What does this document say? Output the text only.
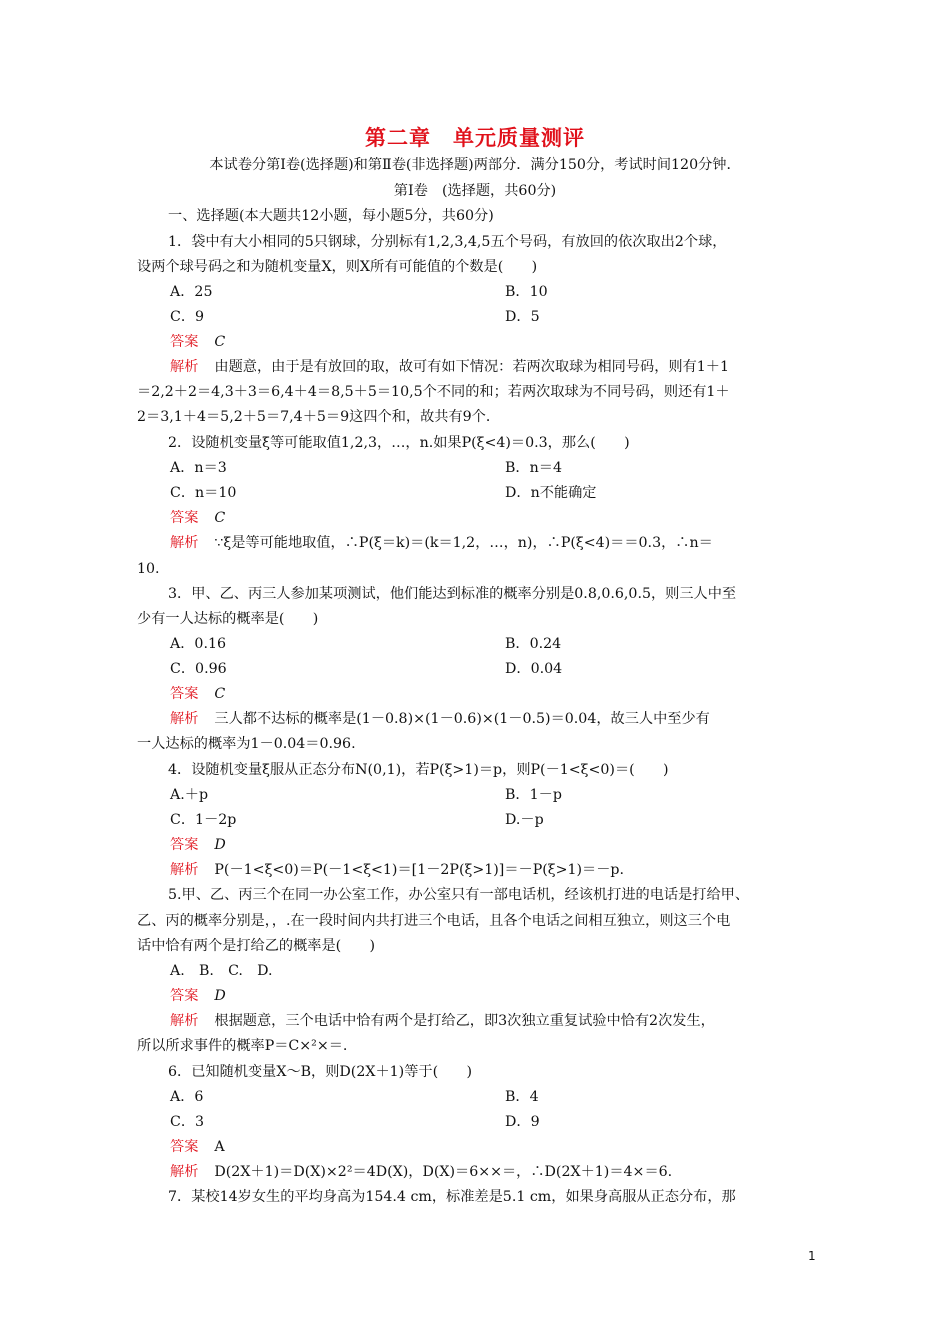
第二章　单元质量测评
本试卷分第Ⅰ卷(选择题)和第Ⅱ卷(非选择题)两部分．满分150分，考试时间120分钟．
第Ⅰ卷　(选择题，共60分)
一、选择题(本大题共12小题，每小题5分，共60分)
1．袋中有大小相同的5只钢球，分别标有1,2,3,4,5五个号码，有放回的依次取出2个球，
设两个球号码之和为随机变量X，则X所有可能值的个数是(　　)
A．25	B．10
C．9	D．5
答案 C
解析 由题意，由于是有放回的取，故可有如下情况：若两次取球为相同号码，则有1＋1
＝2,2＋2＝4,3＋3＝6,4＋4＝8,5＋5＝10,5个不同的和；若两次取球为不同号码，则还有1＋
2＝3,1＋4＝5,2＋5＝7,4＋5＝9这四个和，故共有9个．
2．设随机变量ξ等可能取值1,2,3，…，n.如果P(ξ<4)＝0.3，那么(　　)
A．n＝3	B．n＝4
C．n＝10	D．n不能确定
答案 C
解析 ∵ξ是等可能地取值，∴P(ξ＝k)＝(k＝1,2，…，n)，∴P(ξ<4)＝＝0.3，∴n＝
10.
3．甲、乙、丙三人参加某项测试，他们能达到标准的概率分别是0.8,0.6,0.5，则三人中至
少有一人达标的概率是(　　)
A．0.16	B．0.24
C．0.96	D．0.04
答案 C
解析 三人都不达标的概率是(1－0.8)×(1－0.6)×(1－0.5)＝0.04，故三人中至少有
一人达标的概率为1－0.04＝0.96.
4．设随机变量ξ服从正态分布N(0,1)，若P(ξ>1)＝p，则P(－1<ξ<0)＝(　　)
A.＋p	B．1－p
C．1－2p	D.－p
答案 D
解析 P(－1<ξ<0)＝P(－1<ξ<1)＝[1－2P(ξ>1)]＝－P(ξ>1)＝－p.
5.甲、乙、丙三个在同一办公室工作，办公室只有一部电话机，经该机打进的电话是打给甲、
乙、丙的概率分别是，，.在一段时间内共打进三个电话，且各个电话之间相互独立，则这三个电
话中恰有两个是打给乙的概率是(　　)
A.　B.　C.　D.
答案 D
解析 根据题意，三个电话中恰有两个是打给乙，即3次独立重复试验中恰有2次发生，
所以所求事件的概率P＝C×²×＝.
6．已知随机变量X～B，则D(2X＋1)等于(　　)
A．6	B．4
C．3	D．9
答案 A
解析 D(2X＋1)＝D(X)×2²＝4D(X)，D(X)＝6××＝，∴D(2X＋1)＝4×＝6.
7．某校14岁女生的平均身高为154.4 cm，标准差是5.1 cm，如果身高服从正态分布，那
1
